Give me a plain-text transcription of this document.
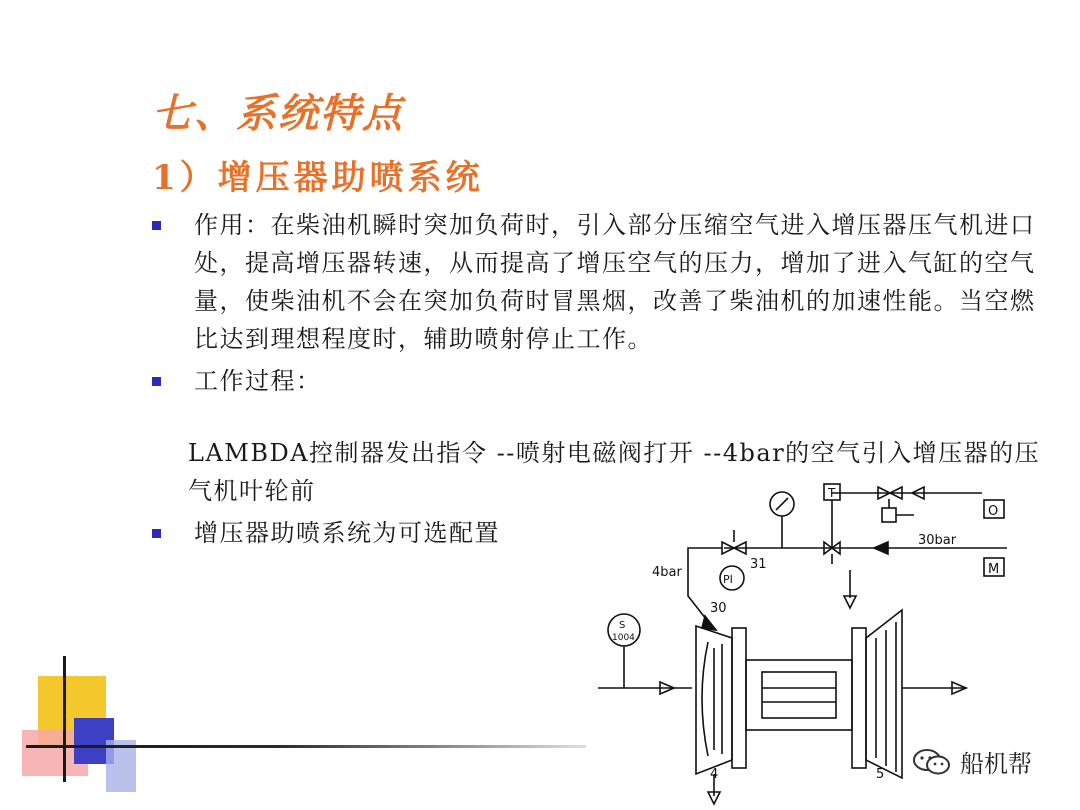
七、系统特点
1）增压器助喷系统
作用：在柴油机瞬时突加负荷时，引入部分压缩空气进入增压器压气机进口处，提高增压器转速，从而提高了增压空气的压力，增加了进入气缸的空气量，使柴油机不会在突加负荷时冒黑烟，改善了柴油机的加速性能。当空燃比达到理想程度时，辅助喷射停止工作。
工作过程：

LAMBDA控制器发出指令 --喷射电磁阀打开 --4bar的空气引入增压器的压气机叶轮前

增压器助喷系统为可选配置	30bar
M
O
T
31
PI
4bar
30
S
1004
4	5	船机帮
